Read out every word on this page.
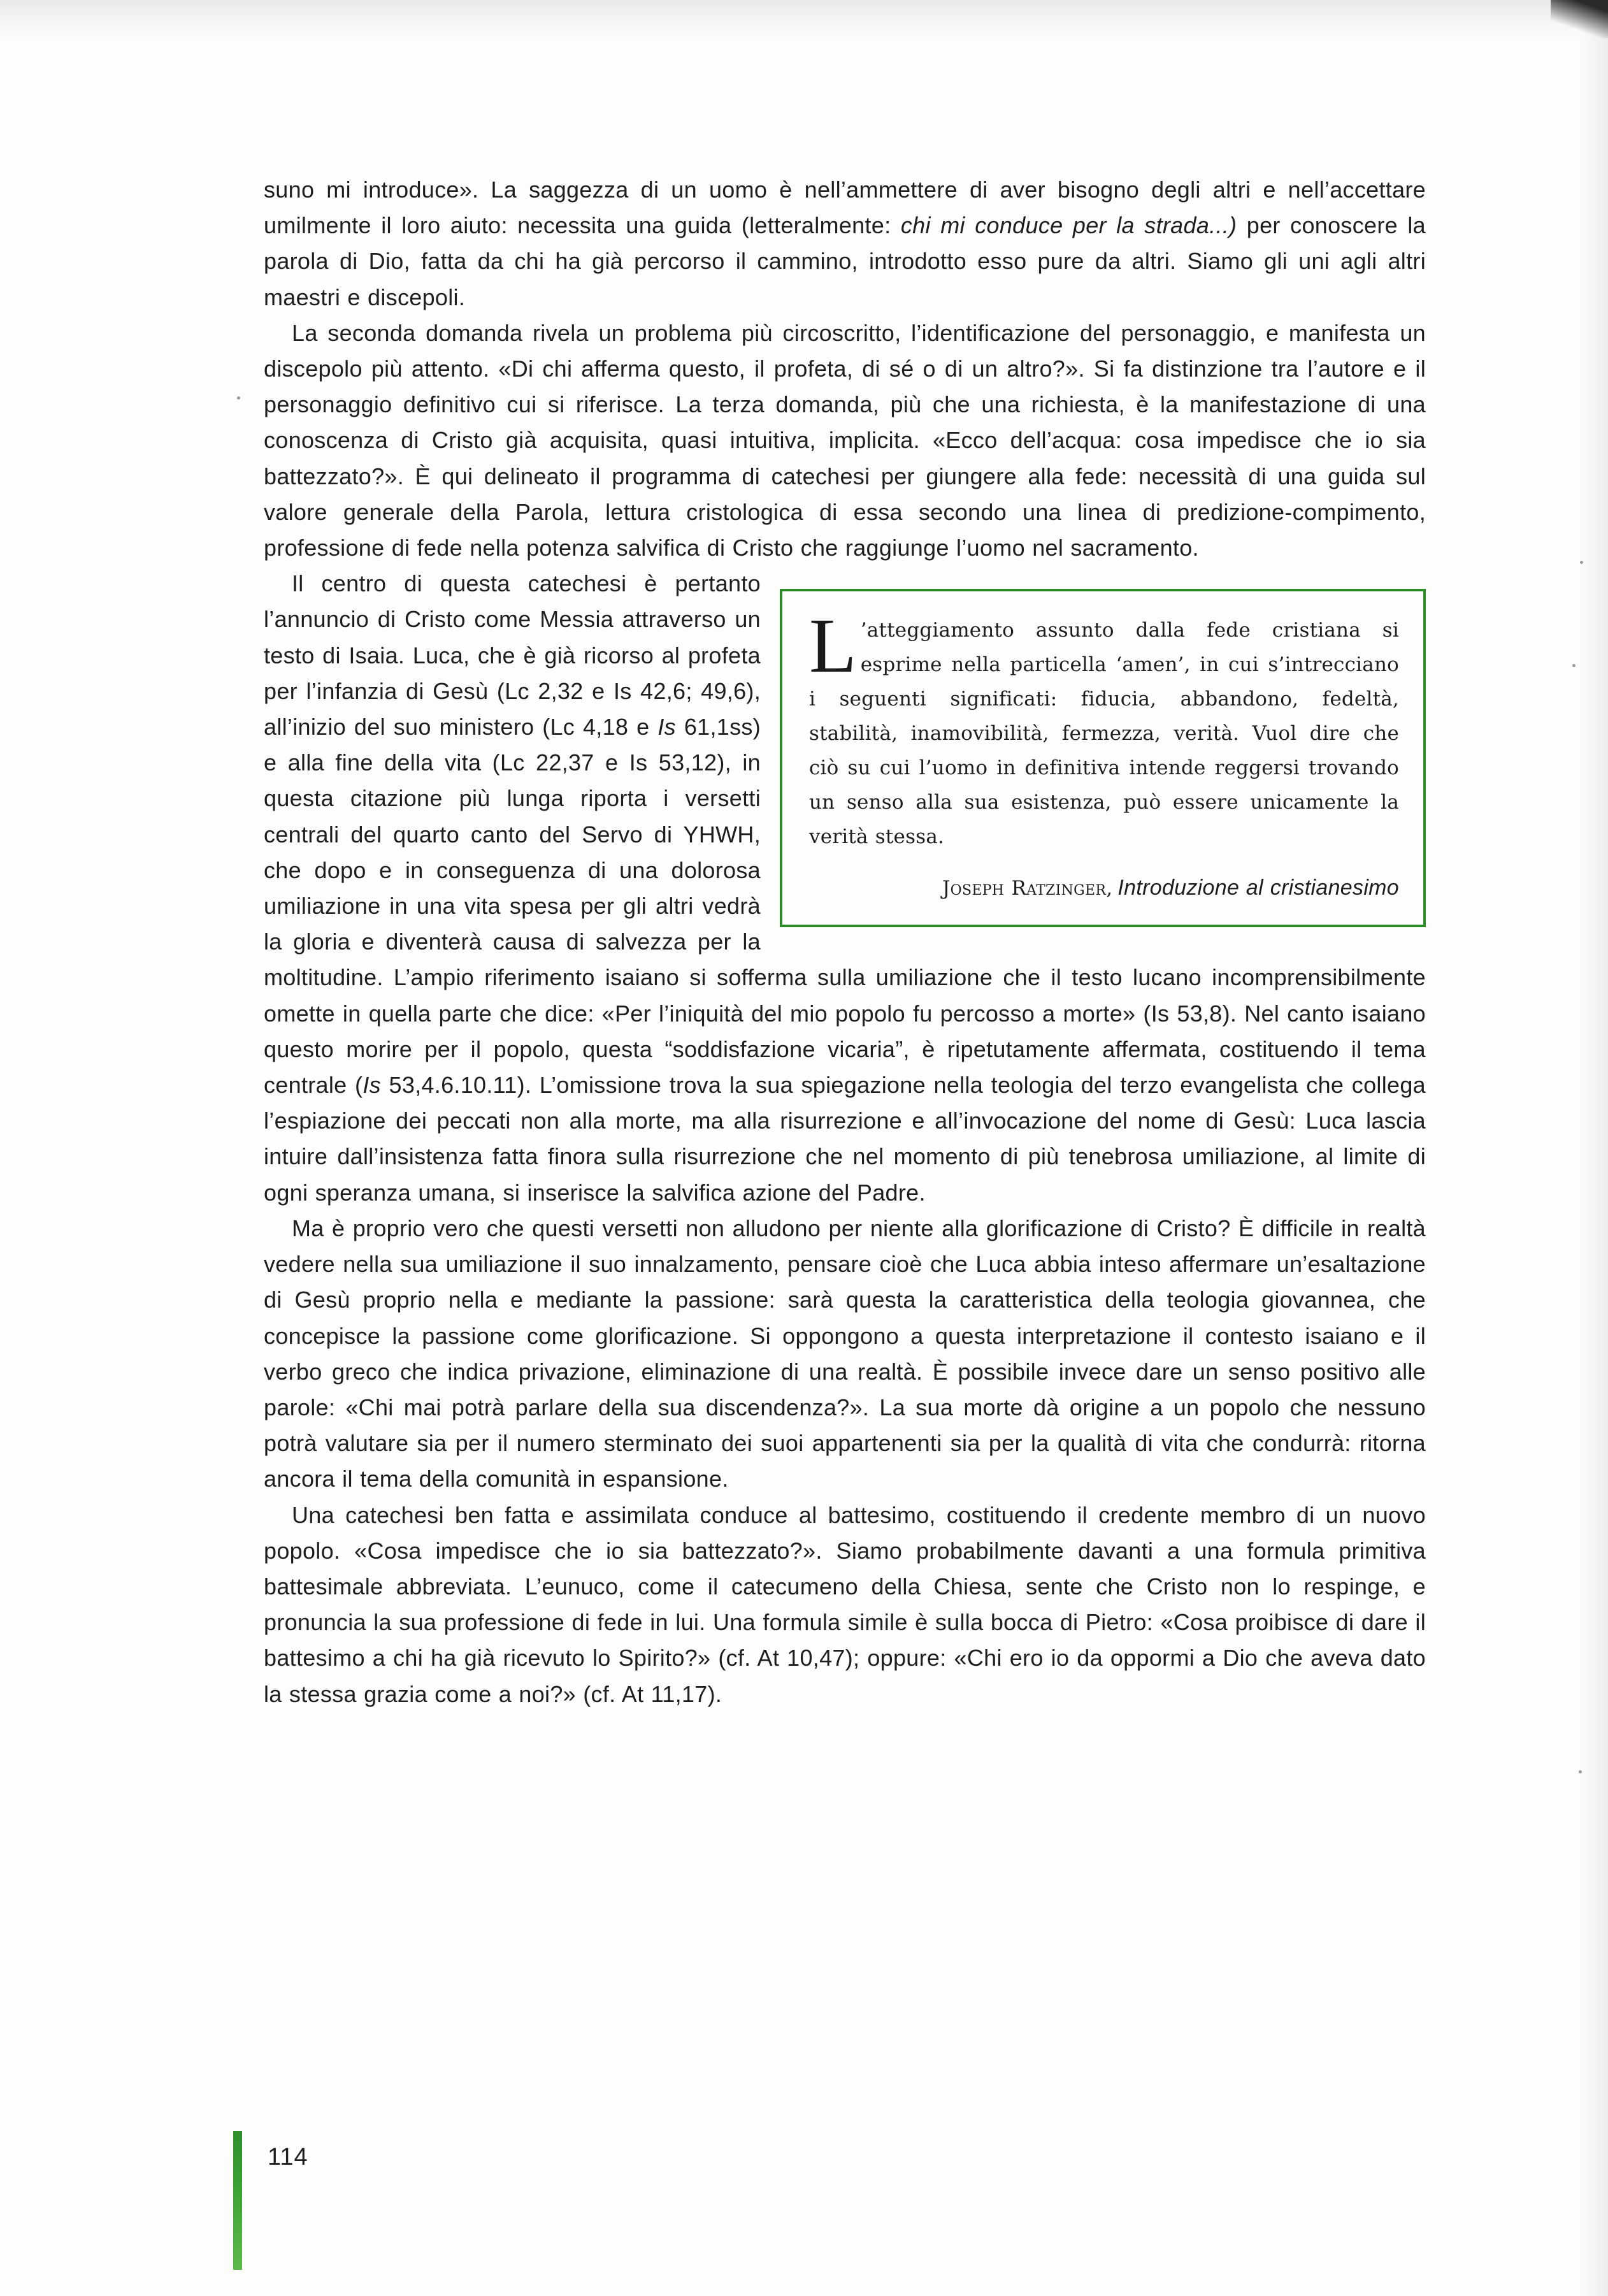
suno mi introduce». La saggezza di un uomo è nell’ammettere di aver bisogno degli altri e nell’accettare umilmente il loro aiuto: necessita una guida (letteralmente: chi mi conduce per la strada...) per conoscere la parola di Dio, fatta da chi ha già percorso il cammino, introdotto esso pure da altri. Siamo gli uni agli altri maestri e discepoli.

La seconda domanda rivela un problema più circoscritto, l’identificazione del personaggio, e manifesta un discepolo più attento. «Di chi afferma questo, il profeta, di sé o di un altro?». Si fa distinzione tra l’autore e il personaggio definitivo cui si riferisce. La terza domanda, più che una richiesta, è la manifestazione di una conoscenza di Cristo già acquisita, quasi intuitiva, implicita. «Ecco dell’acqua: cosa impedisce che io sia battezzato?». È qui delineato il programma di catechesi per giungere alla fede: necessità di una guida sul valore generale della Parola, lettura cristologica di essa secondo una linea di predizione-compimento, professione di fede nella potenza salvifica di Cristo che raggiunge l’uomo nel sacramento.

L ’atteggiamento assunto dalla fede cristiana si esprime nella particella ‘amen’, in cui s’intrecciano i seguenti significati: fiducia, abbandono, fedeltà, stabilità, inamovibilità, fermezza, verità. Vuol dire che ciò su cui l’uomo in definitiva intende reggersi trovando un senso alla sua esistenza, può essere unicamente la verità stessa.
Joseph Ratzinger, Introduzione al cristianesimo
Il centro di questa catechesi è pertanto l’annuncio di Cristo come Messia attraverso un testo di Isaia. Luca, che è già ricorso al profeta per l’infanzia di Gesù (Lc 2,32 e Is 42,6; 49,6), all’inizio del suo ministero (Lc 4,18 e Is 61,1ss) e alla fine della vita (Lc 22,37 e Is 53,12), in questa citazione più lunga riporta i versetti centrali del quarto canto del Servo di YHWH, che dopo e in conseguenza di una dolorosa umiliazione in una vita spesa per gli altri vedrà la gloria e diventerà causa di salvezza per la moltitudine. L’ampio riferimento isaiano si sofferma sulla umiliazione che il testo lucano incomprensibilmente omette in quella parte che dice: «Per l’iniquità del mio popolo fu percosso a morte» (Is 53,8). Nel canto isaiano questo morire per il popolo, questa “soddisfazione vicaria”, è ripetutamente affermata, costituendo il tema centrale (Is 53,4.6.10.11). L’omissione trova la sua spiegazione nella teologia del terzo evangelista che collega l’espiazione dei peccati non alla morte, ma alla risurrezione e all’invocazione del nome di Gesù: Luca lascia intuire dall’insistenza fatta finora sulla risurrezione che nel momento di più tenebrosa umiliazione, al limite di ogni speranza umana, si inserisce la salvifica azione del Padre.

Ma è proprio vero che questi versetti non alludono per niente alla glorificazione di Cristo? È difficile in realtà vedere nella sua umiliazione il suo innalzamento, pensare cioè che Luca abbia inteso affermare un’esaltazione di Gesù proprio nella e mediante la passione: sarà questa la caratteristica della teologia giovannea, che concepisce la passione come glorificazione. Si oppongono a questa interpretazione il contesto isaiano e il verbo greco che indica privazione, eliminazione di una realtà. È possibile invece dare un senso positivo alle parole: «Chi mai potrà parlare della sua discendenza?». La sua morte dà origine a un popolo che nessuno potrà valutare sia per il numero sterminato dei suoi appartenenti sia per la qualità di vita che condurrà: ritorna ancora il tema della comunità in espansione.

Una catechesi ben fatta e assimilata conduce al battesimo, costituendo il credente membro di un nuovo popolo. «Cosa impedisce che io sia battezzato?». Siamo probabilmente davanti a una formula primitiva battesimale abbreviata. L’eunuco, come il catecumeno della Chiesa, sente che Cristo non lo respinge, e pronuncia la sua professione di fede in lui. Una formula simile è sulla bocca di Pietro: «Cosa proibisce di dare il battesimo a chi ha già ricevuto lo Spirito?» (cf. At 10,47); oppure: «Chi ero io da oppormi a Dio che aveva dato la stessa grazia come a noi?» (cf. At 11,17).

114
